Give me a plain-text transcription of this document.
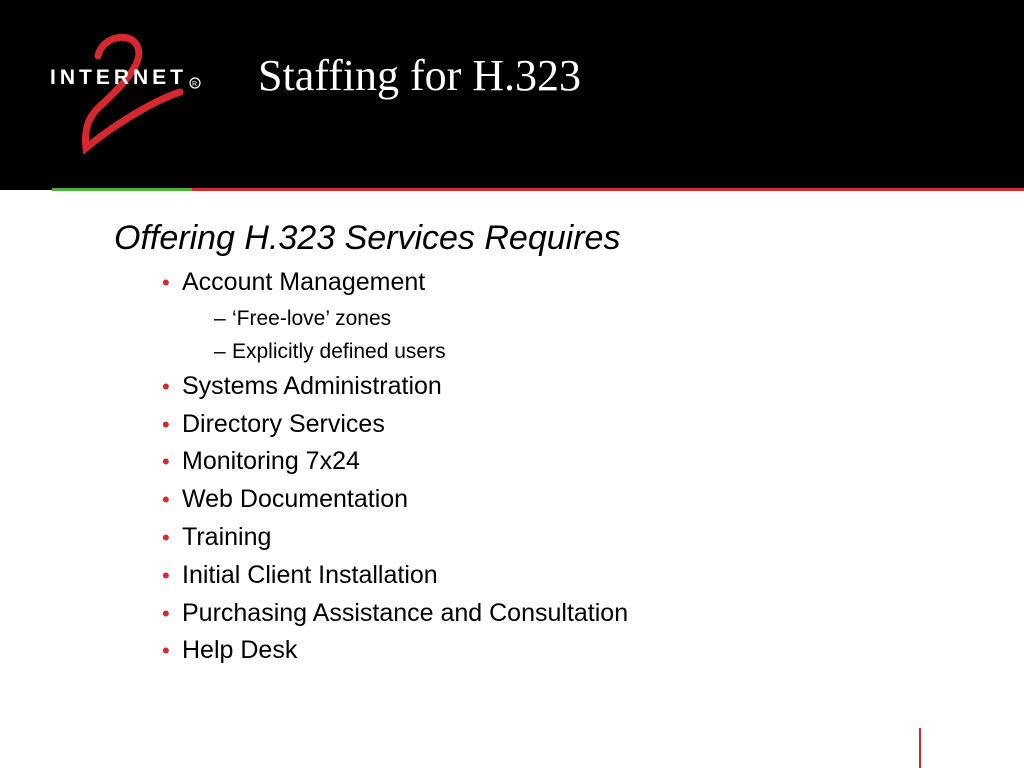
INTERNET R Staffing for H.323
Offering H.323 Services Requires
• Account Management
– ‘Free-love’ zones
– Explicitly defined users
• Systems Administration
• Directory Services
• Monitoring 7x24
• Web Documentation
• Training
• Initial Client Installation
• Purchasing Assistance and Consultation
• Help Desk
